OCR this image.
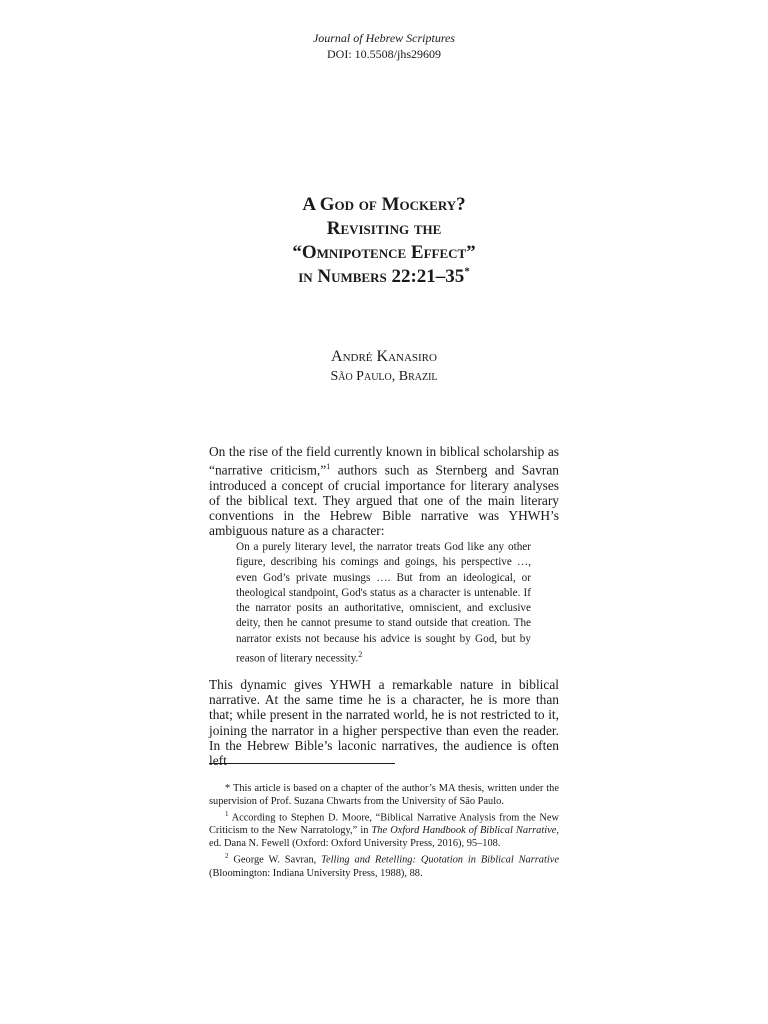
Journal of Hebrew Scriptures
DOI: 10.5508/jhs29609
A God of Mockery?
Revisiting the
“Omnipotence Effect”
in Numbers 22:21–35*
André Kanasiro
São Paulo, Brazil
On the rise of the field currently known in biblical scholarship as “narrative criticism,”$^1$ authors such as Sternberg and Savran introduced a concept of crucial importance for literary analyses of the biblical text. They argued that one of the main literary conventions in the Hebrew Bible narrative was YHWH’s ambiguous nature as a character:
On a purely literary level, the narrator treats God like any other figure, describing his comings and goings, his perspective …, even God’s private musings …. But from an ideological, or theological standpoint, God's status as a character is untenable. If the narrator posits an authoritative, omniscient, and exclusive deity, then he cannot presume to stand outside that creation. The narrator exists not because his advice is sought by God, but by reason of literary necessity.$^2$
This dynamic gives YHWH a remarkable nature in biblical narrative. At the same time he is a character, he is more than that; while present in the narrated world, he is not restricted to it, joining the narrator in a higher perspective than even the reader. In the Hebrew Bible’s laconic narratives, the audience is often left

* This article is based on a chapter of the author’s MA thesis, written under the supervision of Prof. Suzana Chwarts from the University of São Paulo.

$^1$ According to Stephen D. Moore, “Biblical Narrative Analysis from the New Criticism to the New Narratology,” in The Oxford Handbook of Biblical Narrative, ed. Dana N. Fewell (Oxford: Oxford University Press, 2016), 95–108.

$^2$ George W. Savran, Telling and Retelling: Quotation in Biblical Narrative (Bloomington: Indiana University Press, 1988), 88.
